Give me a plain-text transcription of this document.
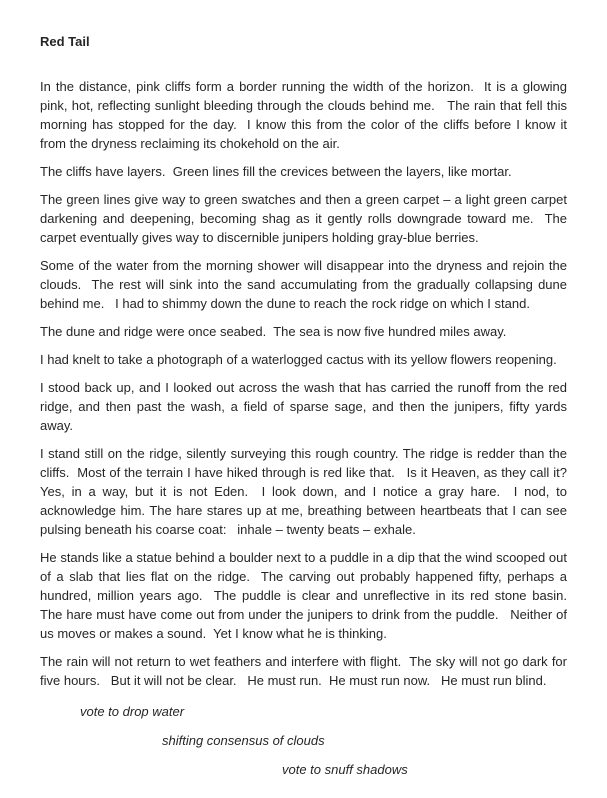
Red Tail

In the distance, pink cliffs form a border running the width of the horizon.  It is a glowing pink, hot, reflecting sunlight bleeding through the clouds behind me.   The rain that fell this morning has stopped for the day.  I know this from the color of the cliffs before I know it from the dryness reclaiming its chokehold on the air.

The cliffs have layers.  Green lines fill the crevices between the layers, like mortar.

The green lines give way to green swatches and then a green carpet – a light green carpet darkening and deepening, becoming shag as it gently rolls downgrade toward me.  The carpet eventually gives way to discernible junipers holding gray-blue berries.

Some of the water from the morning shower will disappear into the dryness and rejoin the clouds.  The rest will sink into the sand accumulating from the gradually collapsing dune behind me.   I had to shimmy down the dune to reach the rock ridge on which I stand.

The dune and ridge were once seabed.  The sea is now five hundred miles away.

I had knelt to take a photograph of a waterlogged cactus with its yellow flowers reopening.

I stood back up, and I looked out across the wash that has carried the runoff from the red ridge, and then past the wash, a field of sparse sage, and then the junipers, fifty yards away.

I stand still on the ridge, silently surveying this rough country. The ridge is redder than the cliffs.  Most of the terrain I have hiked through is red like that.   Is it Heaven, as they call it? Yes, in a way, but it is not Eden.  I look down, and I notice a gray hare.  I nod, to acknowledge him. The hare stares up at me, breathing between heartbeats that I can see pulsing beneath his coarse coat:   inhale – twenty beats – exhale.

He stands like a statue behind a boulder next to a puddle in a dip that the wind scooped out of a slab that lies flat on the ridge.  The carving out probably happened fifty, perhaps a hundred, million years ago.  The puddle is clear and unreflective in its red stone basin.   The hare must have come out from under the junipers to drink from the puddle.   Neither of us moves or makes a sound.  Yet I know what he is thinking.

The rain will not return to wet feathers and interfere with flight.  The sky will not go dark for five hours.   But it will not be clear.   He must run.  He must run now.   He must run blind.

vote to drop water

shifting consensus of clouds

vote to snuff shadows
